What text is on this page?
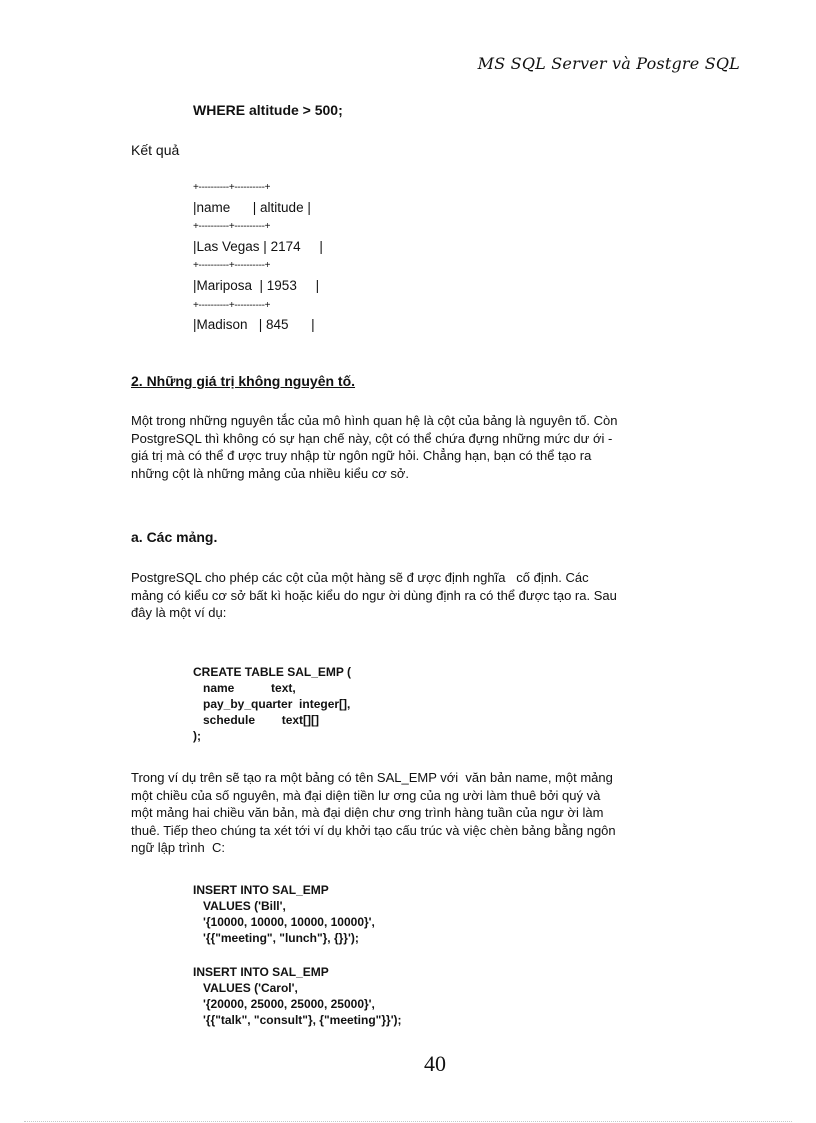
MS SQL Server và Postgre SQL
WHERE altitude > 500;
Kết quả
+----------+----------+
|name      | altitude |
+----------+----------+
|Las Vegas | 2174     |
+----------+----------+
|Mariposa  | 1953     |
+----------+----------+
|Madison   | 845      |
2. Những giá trị không nguyên tố.
Một trong những nguyên tắc của mô hình quan hệ là cột của bảng là nguyên tố. Còn
PostgreSQL thì không có sự hạn chế này, cột có thể chứa đựng những mức dư ới -
giá trị mà có thể đ ược truy nhập từ ngôn ngữ hỏi. Chẳng hạn, bạn có thể tạo ra
những cột là những mảng của nhiều kiểu cơ sở.
a. Các mảng.
PostgreSQL cho phép các cột của một hàng sẽ đ ược định nghĩa   cố định. Các
mảng có kiểu cơ sở bất kì hoặc kiểu do ngư ời dùng định ra có thể được tạo ra. Sau
đây là một ví dụ:
CREATE TABLE SAL_EMP (
name           text,
pay_by_quarter  integer[],
schedule        text[][]
);
Trong ví dụ trên sẽ tạo ra một bảng có tên SAL_EMP với  văn bản name, một mảng
một chiều của số nguyên, mà đại diện tiền lư ơng của ng ười làm thuê bởi quý và
một mảng hai chiều văn bản, mà đại diện chư ơng trình hàng tuần của ngư ời làm
thuê. Tiếp theo chúng ta xét tới ví dụ khởi tạo cấu trúc và việc chèn bảng bằng ngôn
ngữ lập trình  C:
INSERT INTO SAL_EMP
VALUES ('Bill',
'{10000, 10000, 10000, 10000}',
'{{"meeting", "lunch"}, {}}');
INSERT INTO SAL_EMP
VALUES ('Carol',
'{20000, 25000, 25000, 25000}',
'{{"talk", "consult"}, {"meeting"}}');
40
